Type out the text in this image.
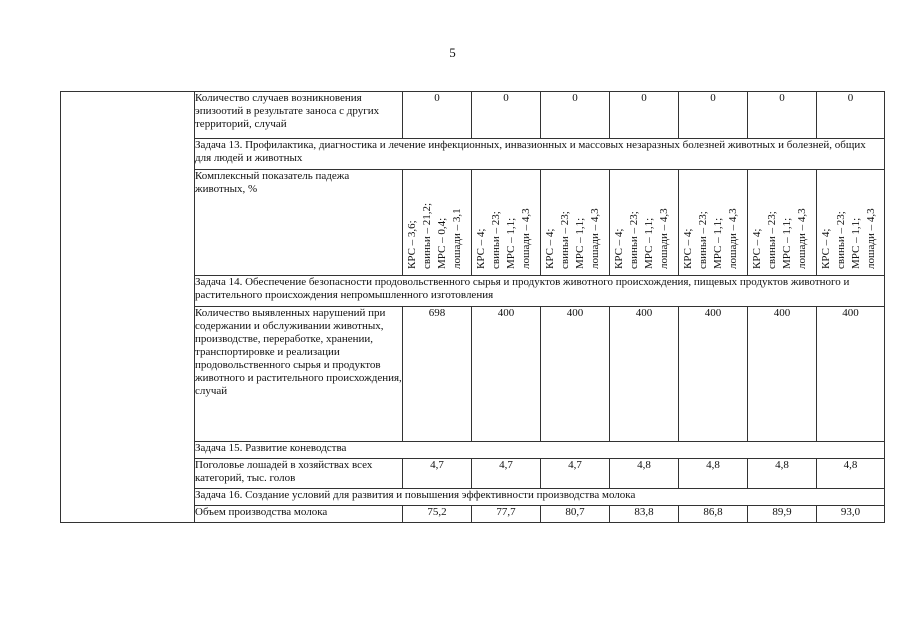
5
	Количество случаев возникновения эпизоотий в результате заноса с других территорий, случай	0	0	0	0	0	0	0
	Задача 13. Профилактика, диагностика и лечение инфекционных, инвазионных и массовых незаразных болезней животных и болезней, общих для людей и животных							
	Комплексный показатель падежа животных, %	КРС – 3,6; свиньи – 21,2; МРС – 0,4; лошади – 3,1	КРС – 4; свиньи – 23; МРС – 1,1; лошади – 4,3	КРС – 4; свиньи – 23; МРС – 1,1; лошади – 4,3	КРС – 4; свиньи – 23; МРС – 1,1; лошади – 4,3	КРС – 4; свиньи – 23; МРС – 1,1; лошади – 4,3	КРС – 4; свиньи – 23; МРС – 1,1; лошади – 4,3	КРС – 4; свиньи – 23; МРС – 1,1; лошади – 4,3

	Задача 14. Обеспечение безопасности продовольственного сырья и продуктов животного происхождения, пищевых продуктов животного и растительного происхождения непромышленного изготовления							
	Количество выявленных нарушений при содержании и обслуживании животных, производстве, переработке, хранении, транспортировке и реализации продовольственного сырья и продуктов животного и растительного происхождения, случай	698	400	400	400	400	400	400
	Задача 15. Развитие коневодства							
	Поголовье лошадей в хозяйствах всех категорий, тыс. голов	4,7	4,7	4,7	4,8	4,8	4,8	4,8
	Задача 16. Создание условий для развития и повышения эффективности производства молока							
	Объем производства молока	75,2	77,7	80,7	83,8	86,8	89,9	93,0
